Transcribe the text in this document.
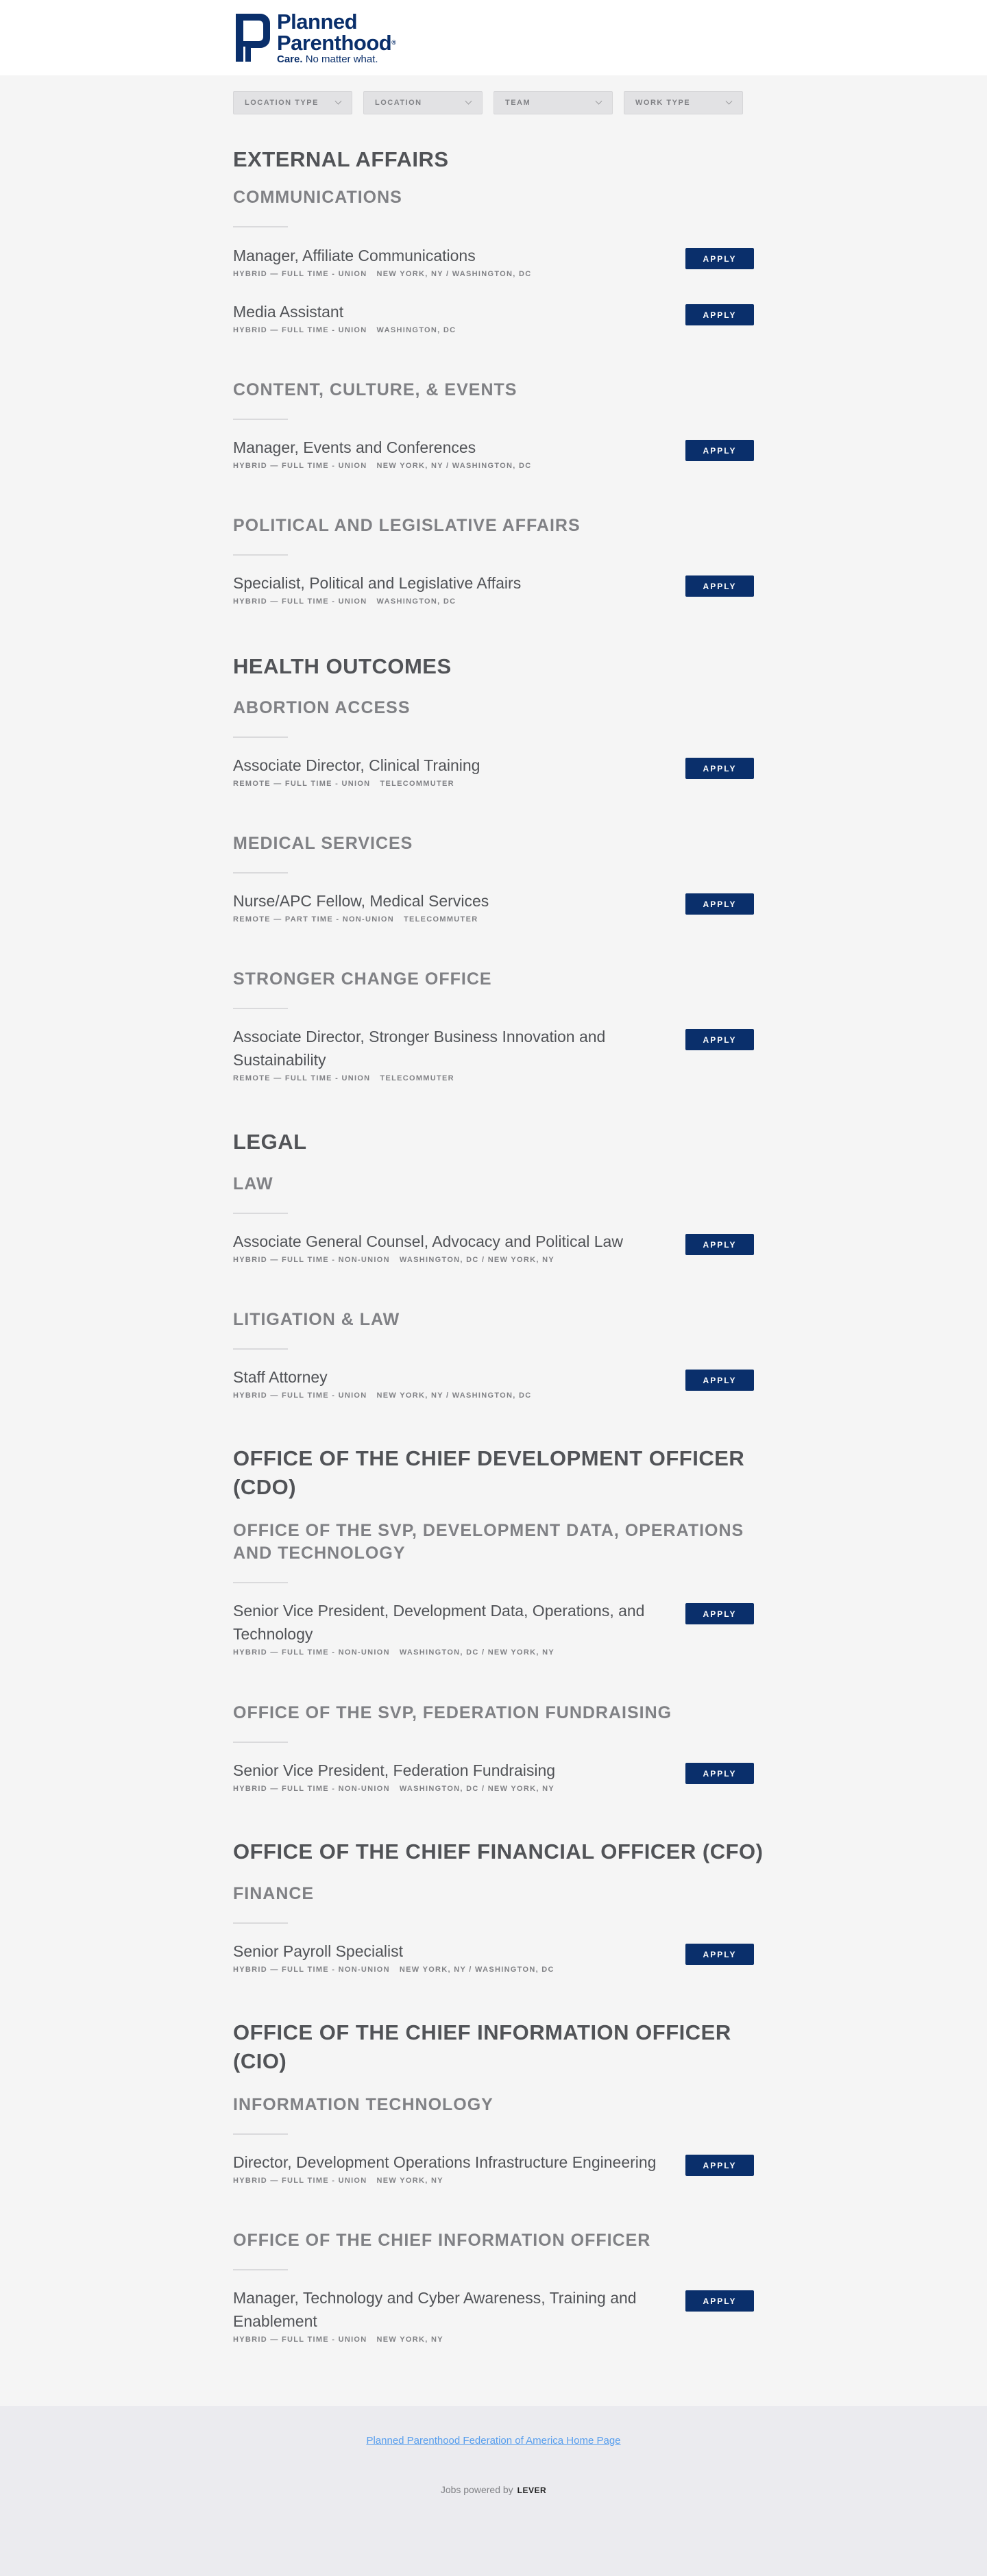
Planned
Parenthood®
Care. No matter what.
LOCATION TYPE	LOCATION	TEAM	WORK TYPE
EXTERNAL AFFAIRS
COMMUNICATIONS
Manager, Affiliate Communications
HYBRID — FULL TIME - UNION NEW YORK, NY / WASHINGTON, DC
APPLY
Media Assistant
HYBRID — FULL TIME - UNION WASHINGTON, DC
APPLY
CONTENT, CULTURE, & EVENTS
Manager, Events and Conferences
HYBRID — FULL TIME - UNION NEW YORK, NY / WASHINGTON, DC
APPLY
POLITICAL AND LEGISLATIVE AFFAIRS
Specialist, Political and Legislative Affairs
HYBRID — FULL TIME - UNION WASHINGTON, DC
APPLY
HEALTH OUTCOMES
ABORTION ACCESS
Associate Director, Clinical Training
REMOTE — FULL TIME - UNION TELECOMMUTER
APPLY
MEDICAL SERVICES
Nurse/APC Fellow, Medical Services
REMOTE — PART TIME - NON-UNION TELECOMMUTER
APPLY
STRONGER CHANGE OFFICE
Associate Director, Stronger Business Innovation and Sustainability
REMOTE — FULL TIME - UNION TELECOMMUTER
APPLY
LEGAL
LAW
Associate General Counsel, Advocacy and Political Law
HYBRID — FULL TIME - NON-UNION WASHINGTON, DC / NEW YORK, NY
APPLY
LITIGATION & LAW
Staff Attorney
HYBRID — FULL TIME - UNION NEW YORK, NY / WASHINGTON, DC
APPLY
OFFICE OF THE CHIEF DEVELOPMENT OFFICER (CDO)
OFFICE OF THE SVP, DEVELOPMENT DATA, OPERATIONS AND TECHNOLOGY
Senior Vice President, Development Data, Operations, and Technology
HYBRID — FULL TIME - NON-UNION WASHINGTON, DC / NEW YORK, NY
APPLY
OFFICE OF THE SVP, FEDERATION FUNDRAISING
Senior Vice President, Federation Fundraising
HYBRID — FULL TIME - NON-UNION WASHINGTON, DC / NEW YORK, NY
APPLY
OFFICE OF THE CHIEF FINANCIAL OFFICER (CFO)
FINANCE
Senior Payroll Specialist
HYBRID — FULL TIME - NON-UNION NEW YORK, NY / WASHINGTON, DC
APPLY
OFFICE OF THE CHIEF INFORMATION OFFICER (CIO)
INFORMATION TECHNOLOGY
Director, Development Operations Infrastructure Engineering
HYBRID — FULL TIME - UNION NEW YORK, NY
APPLY
OFFICE OF THE CHIEF INFORMATION OFFICER
Manager, Technology and Cyber Awareness, Training and Enablement
HYBRID — FULL TIME - UNION NEW YORK, NY
APPLY
Planned Parenthood Federation of America Home Page
Jobs powered by LEVER
